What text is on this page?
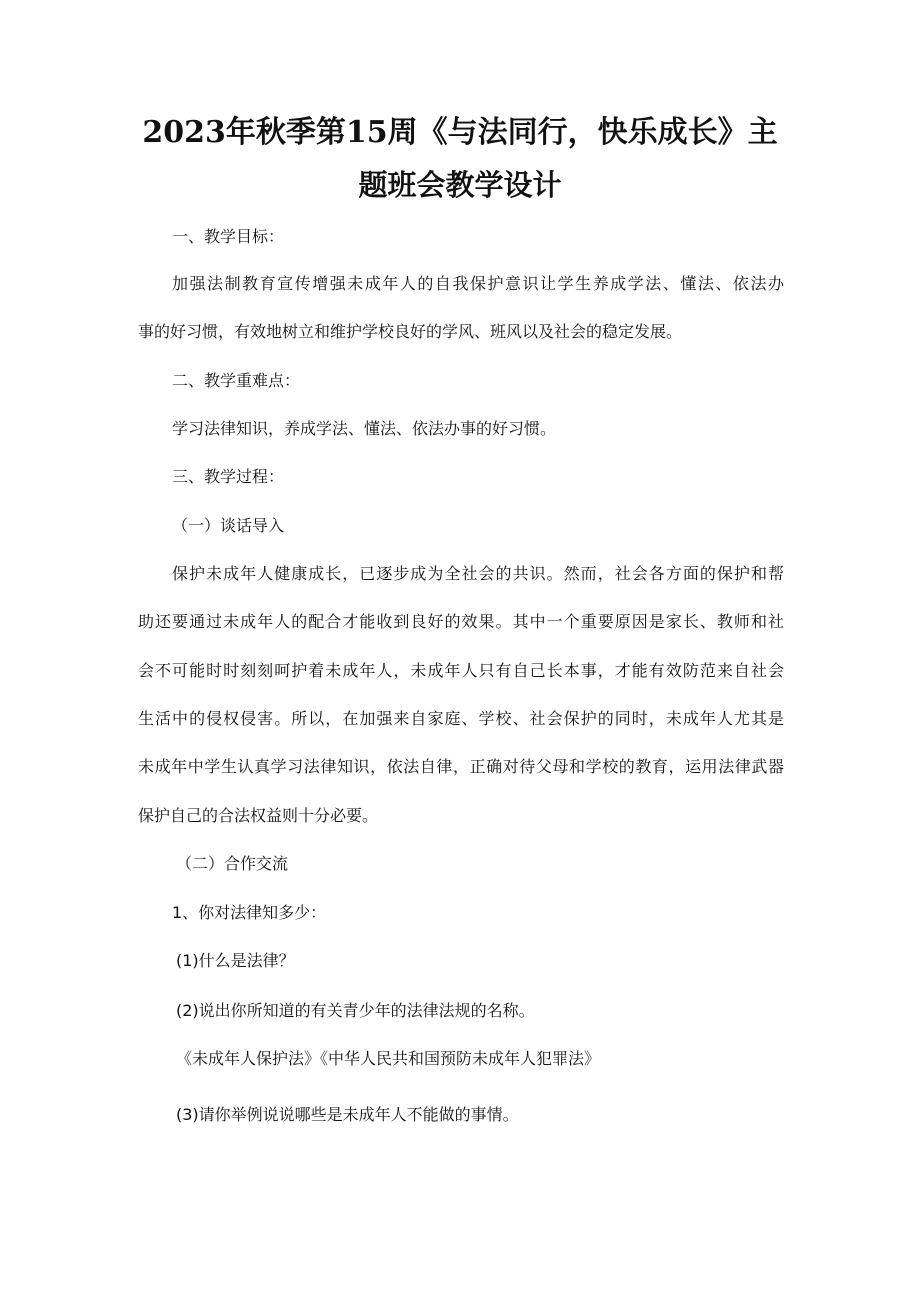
2023年秋季第15周《与法同行，快乐成长》主
题班会教学设计

一、教学目标：

加强法制教育宣传增强未成年人的自我保护意识让学生养成学法、懂法、依法办

事的好习惯，有效地树立和维护学校良好的学风、班风以及社会的稳定发展。

二、教学重难点：

学习法律知识，养成学法、懂法、依法办事的好习惯。

三、教学过程：

（一）谈话导入

保护未成年人健康成长，已逐步成为全社会的共识。然而，社会各方面的保护和帮

助还要通过未成年人的配合才能收到良好的效果。其中一个重要原因是家长、教师和社

会不可能时时刻刻呵护着未成年人，未成年人只有自己长本事，才能有效防范来自社会

生活中的侵权侵害。所以，在加强来自家庭、学校、社会保护的同时，未成年人尤其是

未成年中学生认真学习法律知识，依法自律，正确对待父母和学校的教育，运用法律武器

保护自己的合法权益则十分必要。

（二）合作交流

1、你对法律知多少：

(1)什么是法律？

(2)说出你所知道的有关青少年的法律法规的名称。

《未成年人保护法》《中华人民共和国预防未成年人犯罪法》

(3)请你举例说说哪些是未成年人不能做的事情。
